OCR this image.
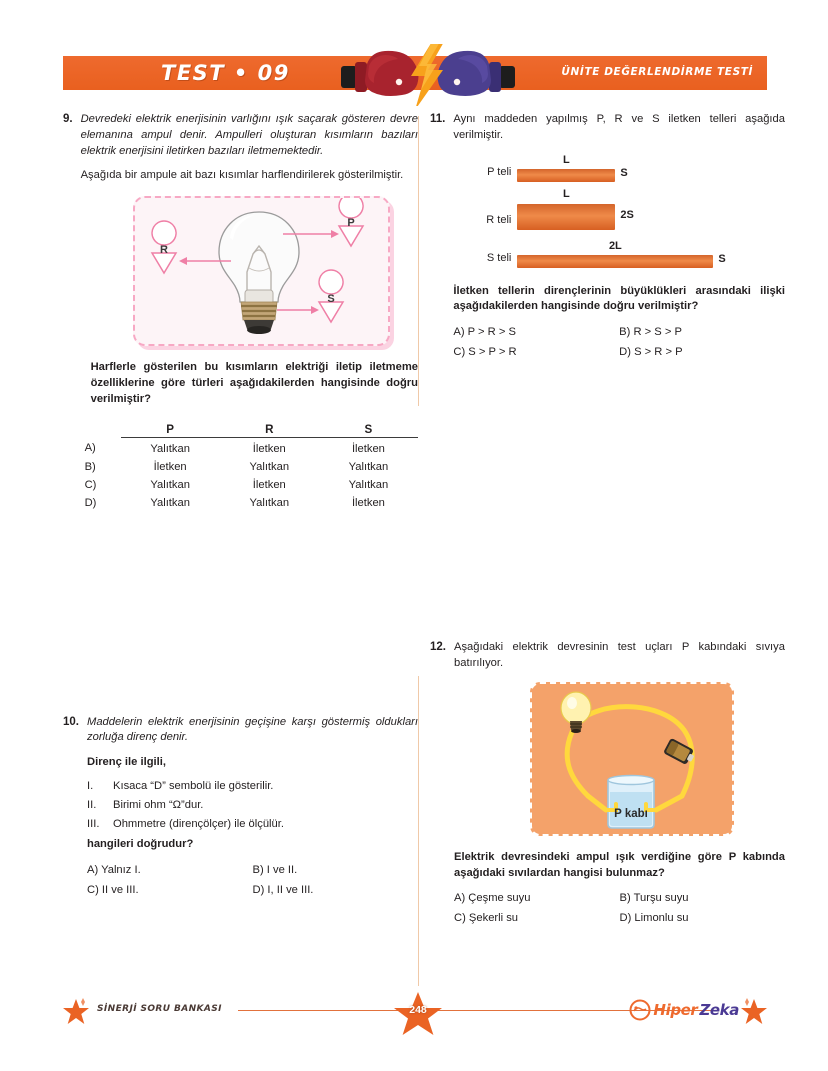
TEST • 09	ÜNİTE DEĞERLENDİRME TESTİ
9. Devredeki elektrik enerjisinin varlığını ışık saçarak gösteren devre elemanına ampul denir. Ampulleri oluşturan kısımların bazıları elektrik enerjisini iletirken bazıları iletmemektedir.
Aşağıda bir ampule ait bazı kısımlar harflendirilerek gösterilmiştir.
P
R
S
Harflerle gösterilen bu kısımların elektriği iletip iletmeme özelliklerine göre türleri aşağıdakilerden hangisinde doğru verilmiştir?
	P	R	S
A)	Yalıtkan	İletken	İletken
B)	İletken	Yalıtkan	Yalıtkan
C)	Yalıtkan	İletken	Yalıtkan
D)	Yalıtkan	Yalıtkan	İletken
10. Maddelerin elektrik enerjisinin geçişine karşı göstermiş oldukları zorluğa direnç denir.
Direnç ile ilgili,
I.	Kısaca “D” sembolü ile gösterilir.
II.	Birimi ohm “Ω”dur.
III.	Ohmmetre (dirençölçer) ile ölçülür.
hangileri doğrudur?
A) Yalnız I.	B) I ve II.
C) II ve III.	D) I, II ve III.
11. Aynı maddeden yapılmış P, R ve S iletken telleri aşağıda verilmiştir.
P teli
L
S
R teli
L
2S
S teli
2L
S
İletken tellerin dirençlerinin büyüklükleri arasındaki ilişki aşağıdakilerden hangisinde doğru verilmiştir?
A) P > R > S	B) R > S > P
C) S > P > R	D) S > R > P
12. Aşağıdaki elektrik devresinin test uçları P kabındaki sıvıya batırılıyor.
P kabı
Elektrik devresindeki ampul ışık verdiğine göre P kabında aşağıdaki sıvılardan hangisi bulunmaz?
A) Çeşme suyu	B) Turşu suyu
C) Şekerli su	D) Limonlu su
SİNERJİ SORU BANKASI	248	Hiper Zeka
